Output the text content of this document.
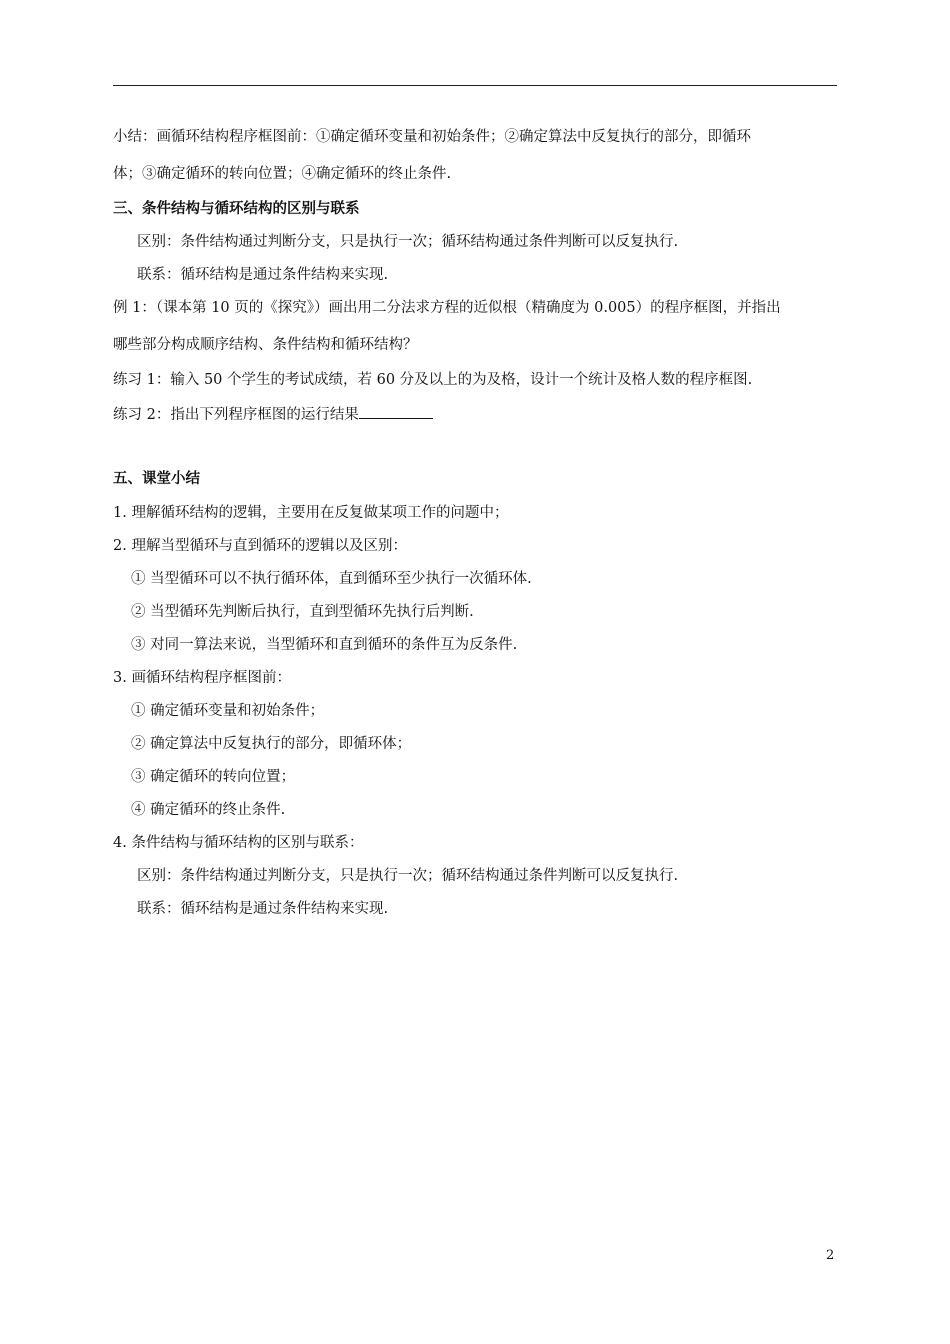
小结：画循环结构程序框图前：①确定循环变量和初始条件；②确定算法中反复执行的部分，即循环
体；③确定循环的转向位置；④确定循环的终止条件.
三、条件结构与循环结构的区别与联系
区别：条件结构通过判断分支，只是执行一次；循环结构通过条件判断可以反复执行.
联系：循环结构是通过条件结构来实现.
例 1：（课本第 10 页的《探究》）画出用二分法求方程的近似根（精确度为 0.005）的程序框图，并指出
哪些部分构成顺序结构、条件结构和循环结构？
练习 1：输入 50 个学生的考试成绩，若 60 分及以上的为及格，设计一个统计及格人数的程序框图.
练习 2：指出下列程序框图的运行结果
五、课堂小结
1. 理解循环结构的逻辑，主要用在反复做某项工作的问题中；
2. 理解当型循环与直到循环的逻辑以及区别：
① 当型循环可以不执行循环体，直到循环至少执行一次循环体.
② 当型循环先判断后执行，直到型循环先执行后判断.
③ 对同一算法来说，当型循环和直到循环的条件互为反条件.
3. 画循环结构程序框图前：
① 确定循环变量和初始条件；
② 确定算法中反复执行的部分，即循环体；
③ 确定循环的转向位置；
④ 确定循环的终止条件.
4. 条件结构与循环结构的区别与联系：
区别：条件结构通过判断分支，只是执行一次；循环结构通过条件判断可以反复执行.
联系：循环结构是通过条件结构来实现.
2
